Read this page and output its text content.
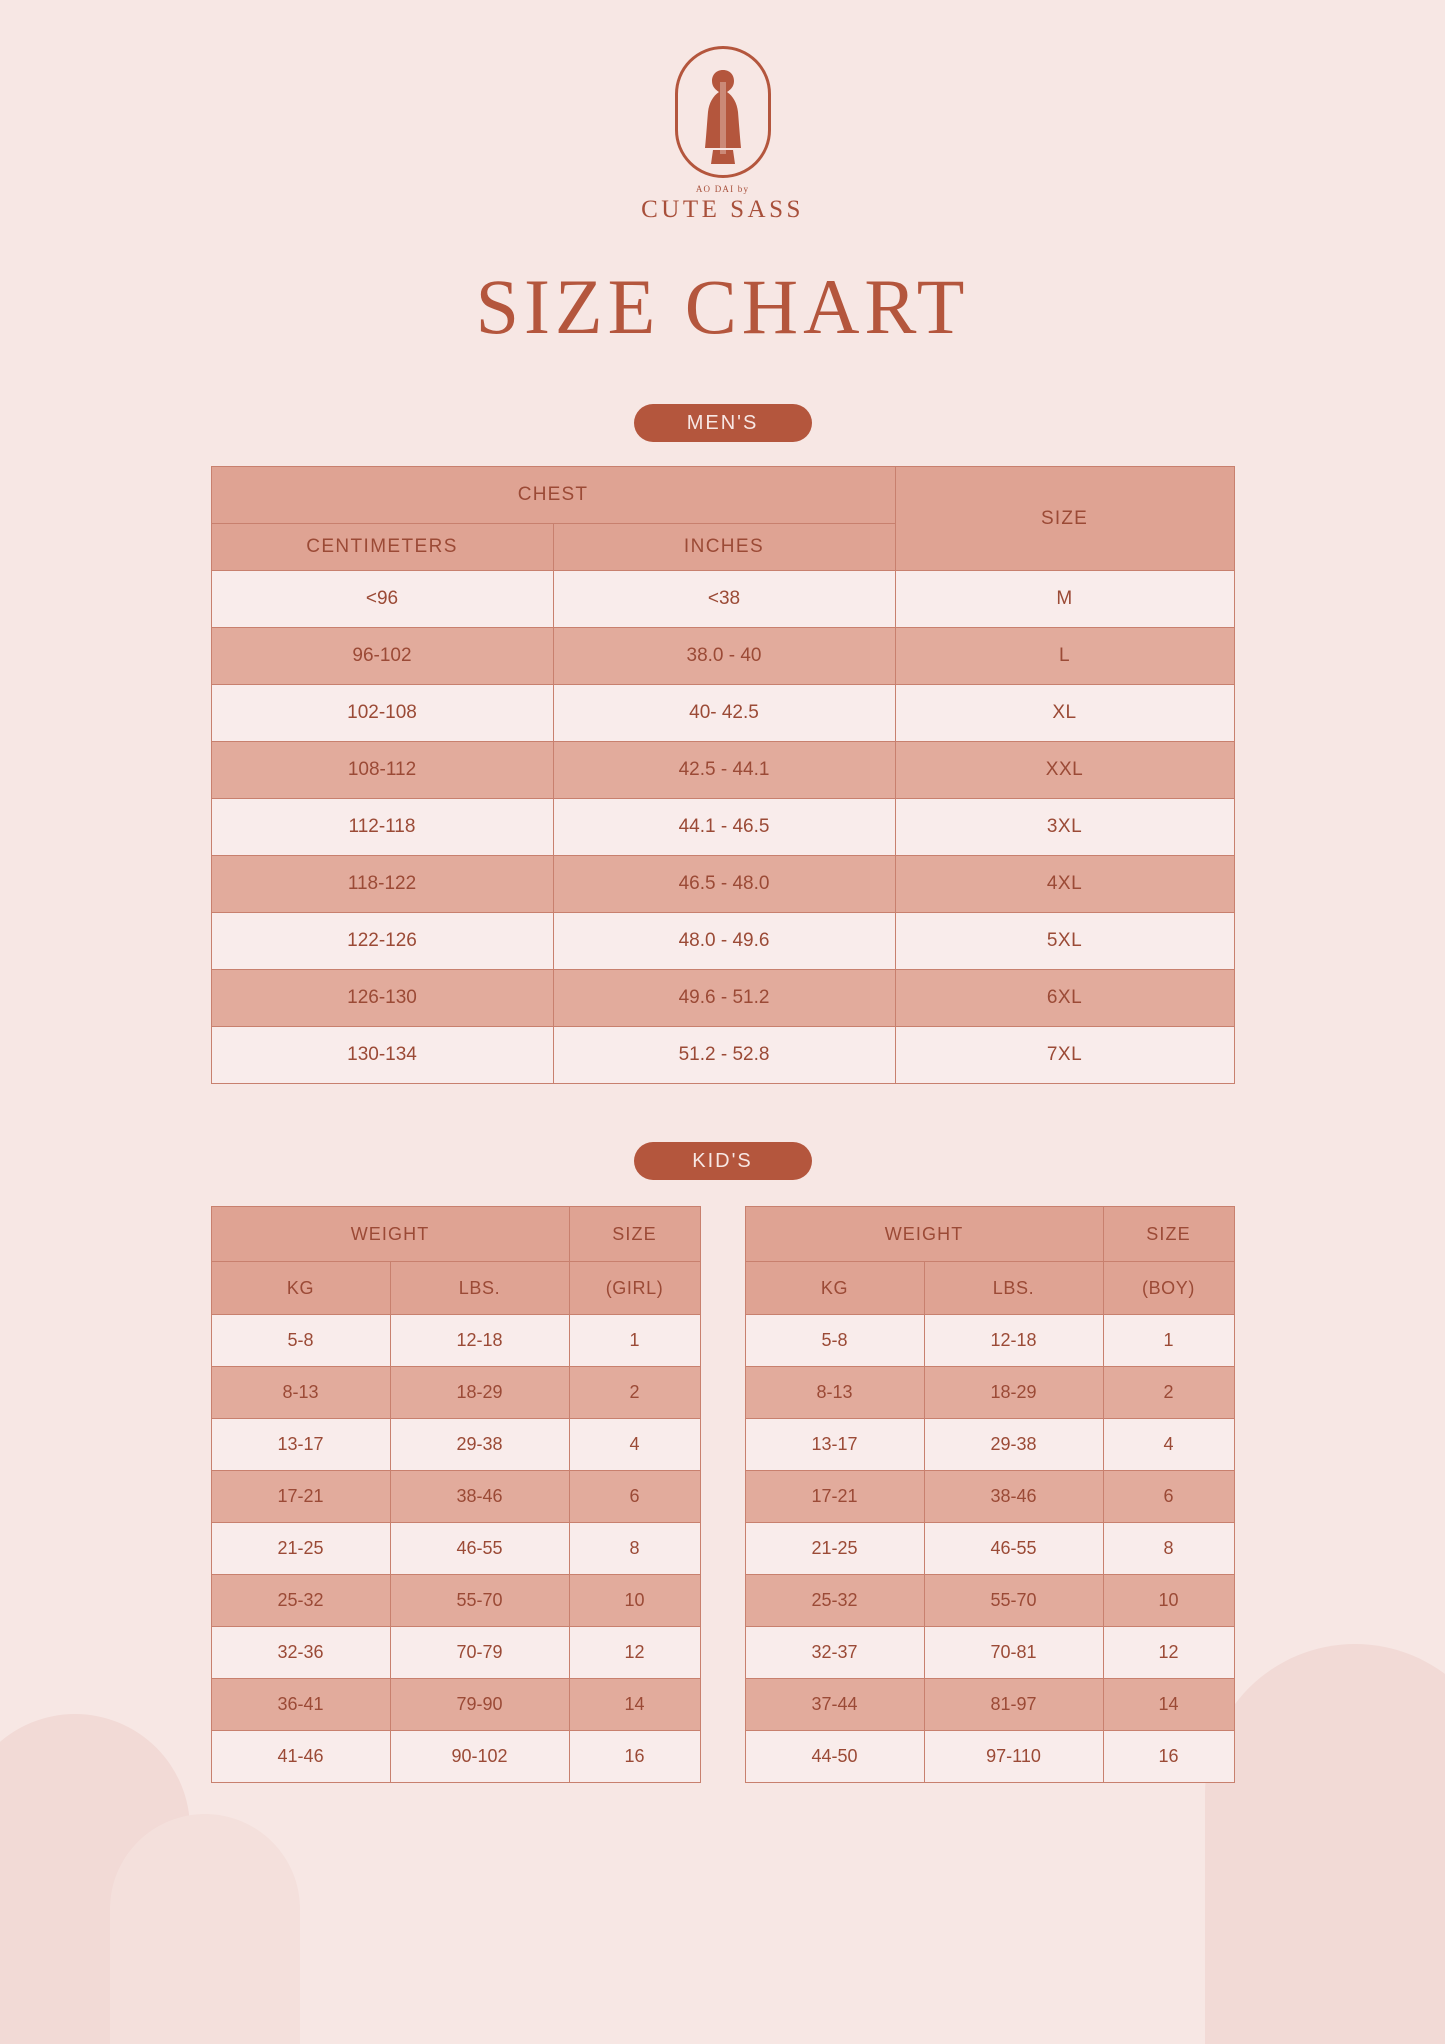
AO DAI by
CUTE SASS
SIZE CHART
MEN'S
CHEST		SIZE
CENTIMETERS	INCHES	
<96	<38	M
96-102	38.0 - 40	L
102-108	40- 42.5	XL
108-112	42.5 - 44.1	XXL
112-118	44.1 - 46.5	3XL
118-122	46.5 - 48.0	4XL
122-126	48.0 - 49.6	5XL
126-130	49.6 - 51.2	6XL
130-134	51.2 - 52.8	7XL
KID'S
WEIGHT		SIZE
KG	LBS.	(GIRL)
5-8	12-18	1
8-13	18-29	2
13-17	29-38	4
17-21	38-46	6
21-25	46-55	8
25-32	55-70	10
32-36	70-79	12
36-41	79-90	14
41-46	90-102	16
WEIGHT		SIZE
KG	LBS.	(BOY)
5-8	12-18	1
8-13	18-29	2
13-17	29-38	4
17-21	38-46	6
21-25	46-55	8
25-32	55-70	10
32-37	70-81	12
37-44	81-97	14
44-50	97-110	16
